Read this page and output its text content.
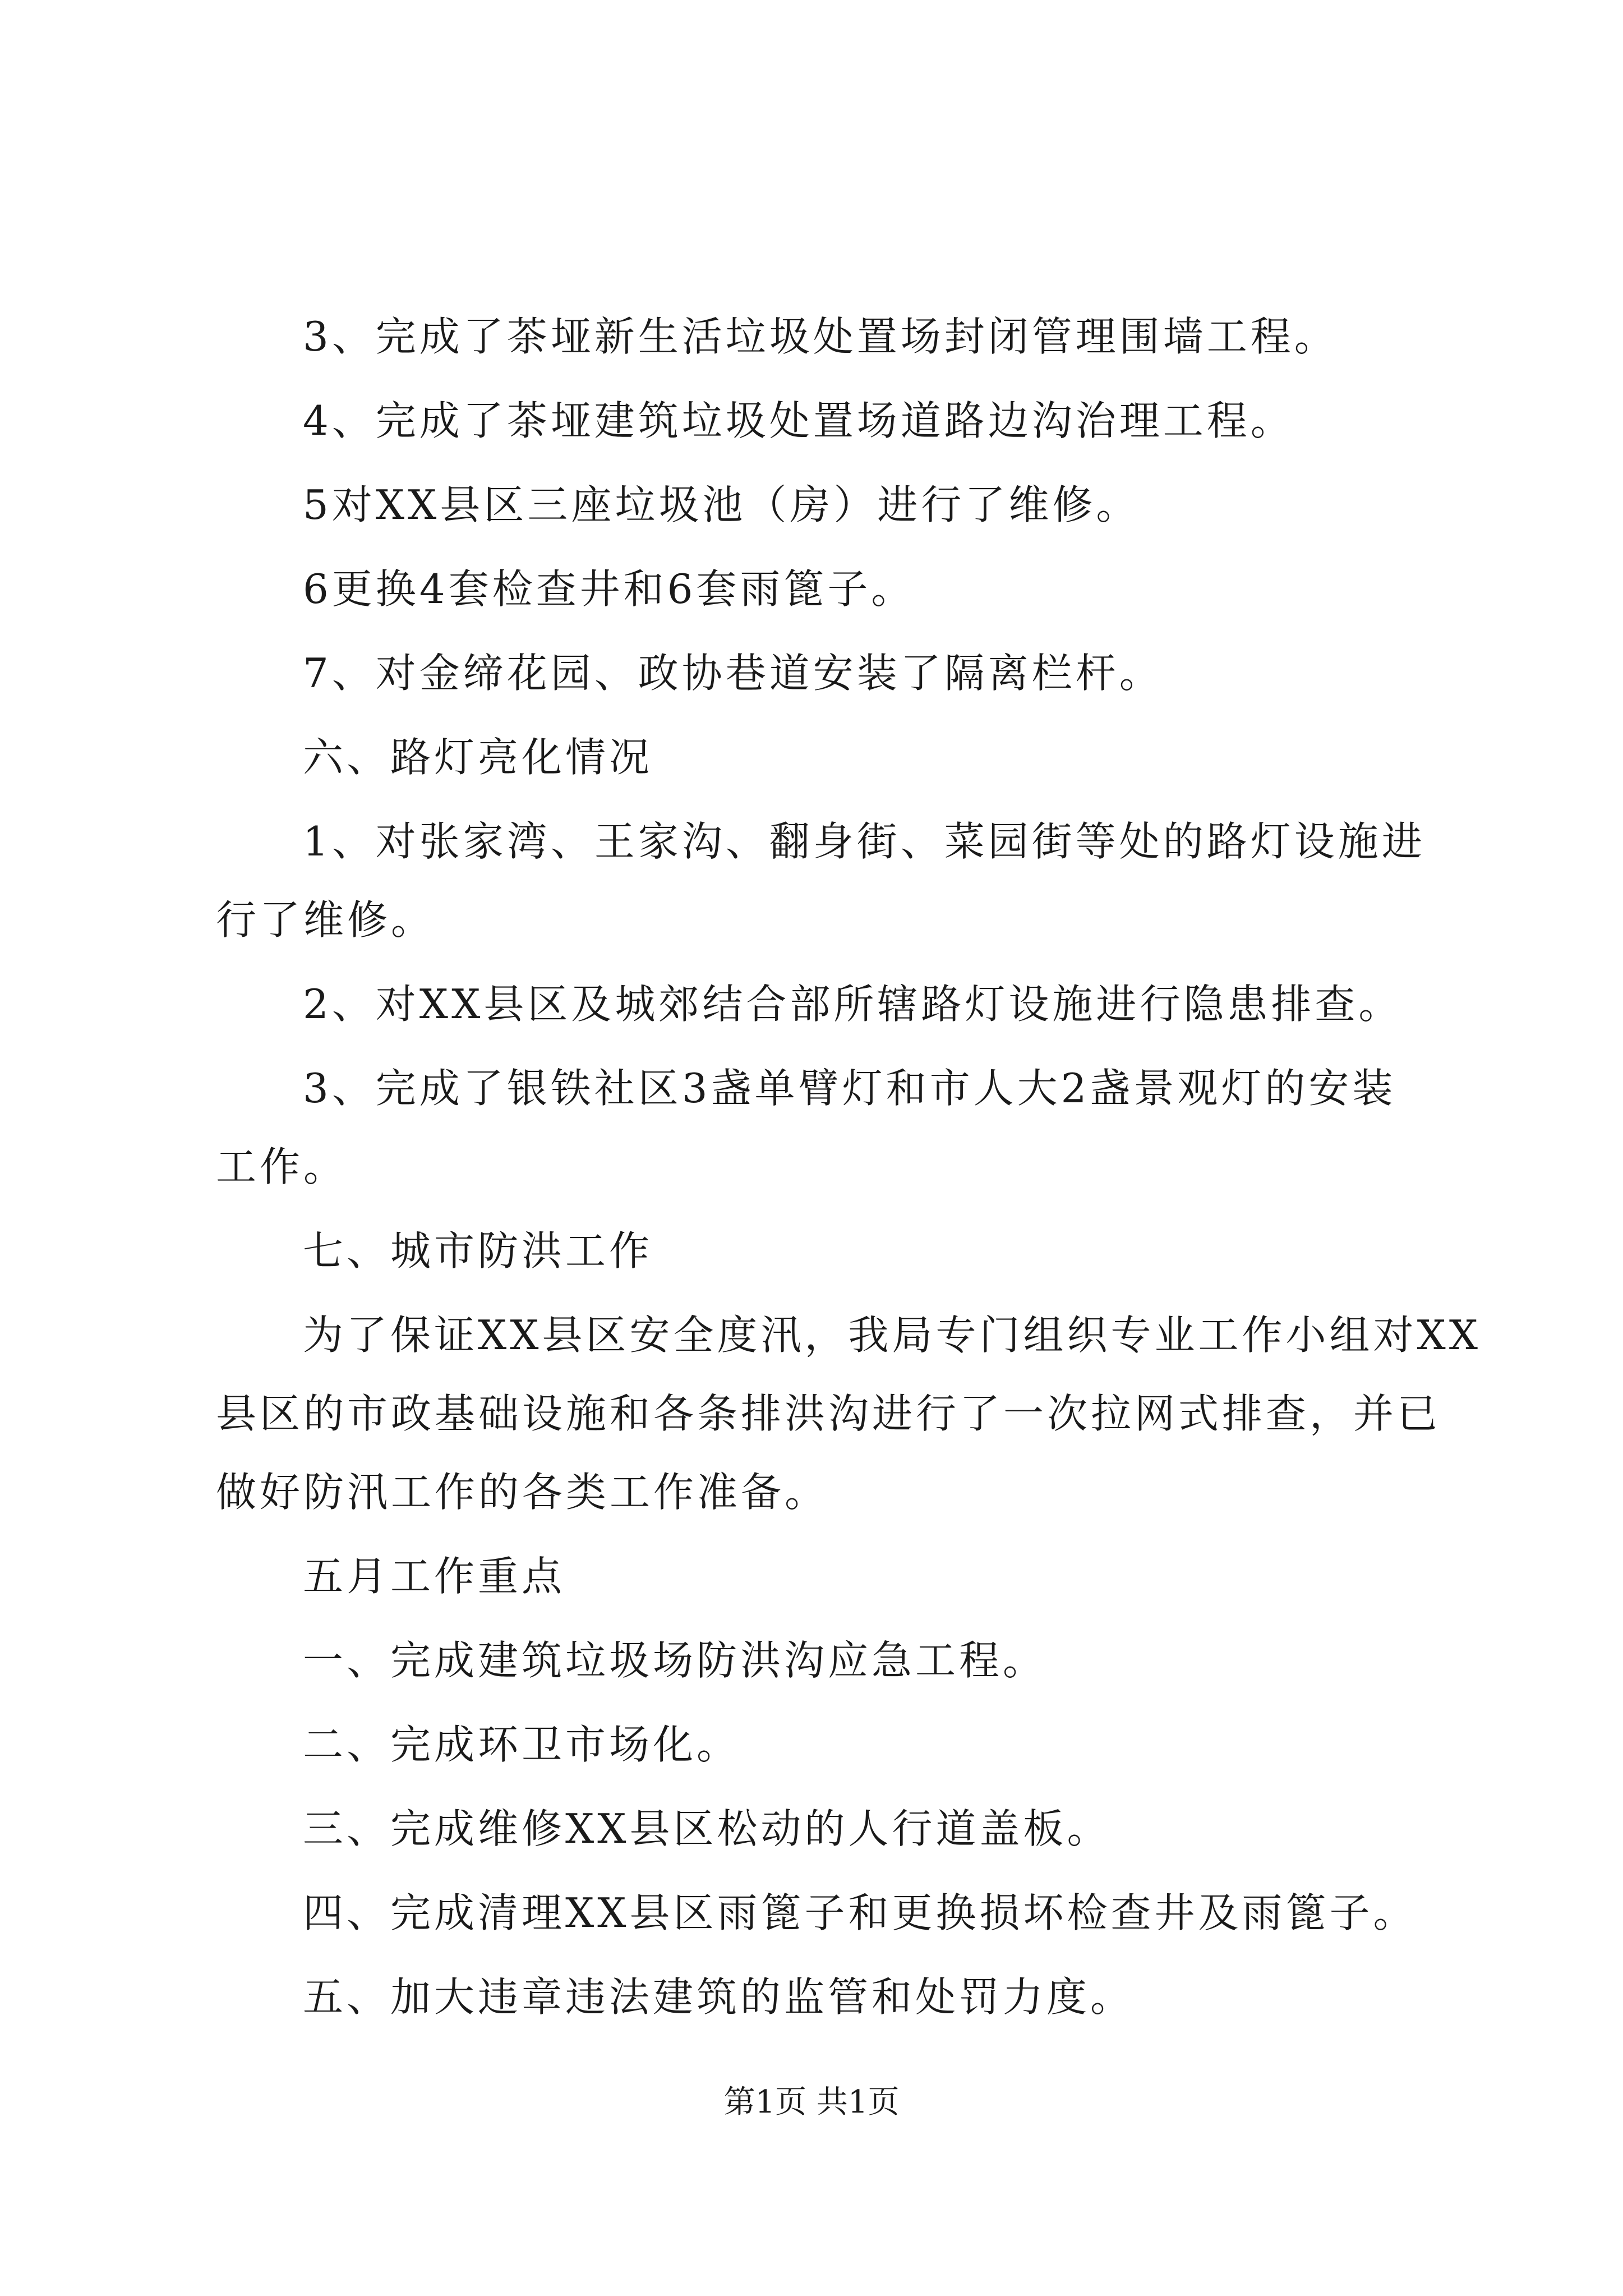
3、完成了茶垭新生活垃圾处置场封闭管理围墙工程。
4、完成了茶垭建筑垃圾处置场道路边沟治理工程。
5对XX县区三座垃圾池（房）进行了维修。
6更换4套检查井和6套雨篦子。
7、对金缔花园、政协巷道安装了隔离栏杆。
六、路灯亮化情况
1、对张家湾、王家沟、翻身街、菜园街等处的路灯设施进
行了维修。
2、对XX县区及城郊结合部所辖路灯设施进行隐患排查。
3、完成了银铁社区3盏单臂灯和市人大2盏景观灯的安装
工作。
七、城市防洪工作
为了保证XX县区安全度汛，我局专门组织专业工作小组对XX
县区的市政基础设施和各条排洪沟进行了一次拉网式排查，并已
做好防汛工作的各类工作准备。
五月工作重点
一、完成建筑垃圾场防洪沟应急工程。
二、完成环卫市场化。
三、完成维修XX县区松动的人行道盖板。
四、完成清理XX县区雨篦子和更换损坏检查井及雨篦子。
五、加大违章违法建筑的监管和处罚力度。
第1页 共1页
